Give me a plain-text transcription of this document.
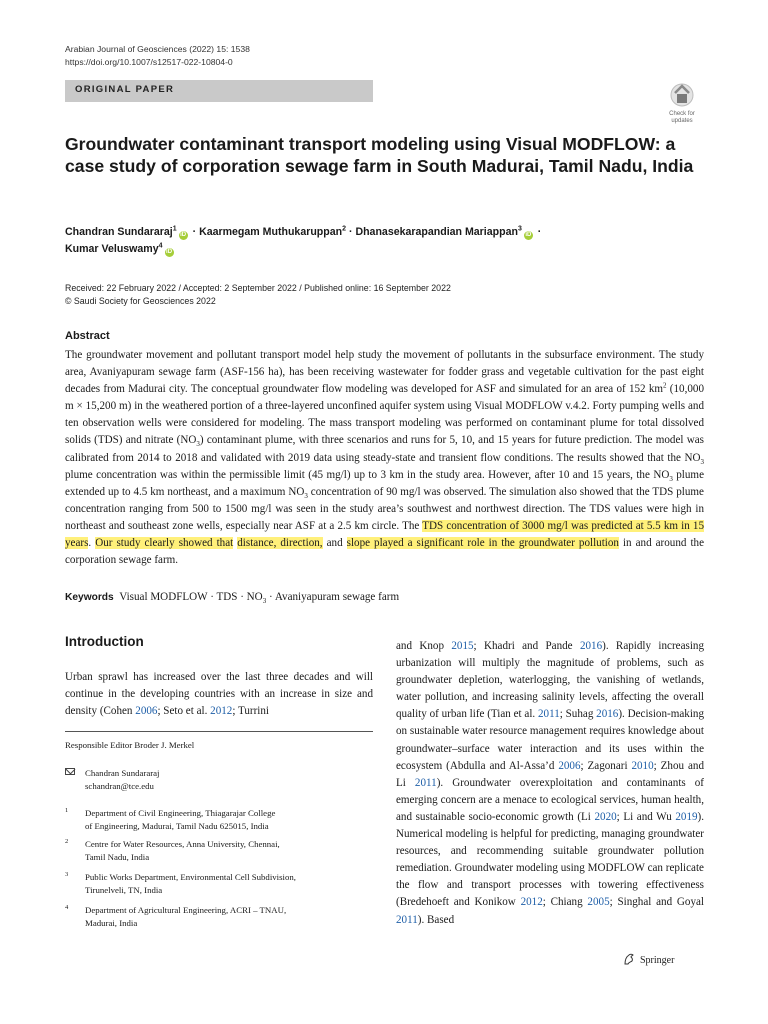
Arabian Journal of Geosciences (2022) 15: 1538
https://doi.org/10.1007/s12517-022-10804-0
ORIGINAL PAPER
Check for
updates
Groundwater contaminant transport modeling using Visual MODFLOW: a case study of corporation sewage farm in South Madurai, Tamil Nadu, India
Chandran Sundararaj$^1$
iD · Kaarmegam Muthukaruppan$^2$ · Dhanasekarapandian Mariappan$^3$
iD ·
Kumar Veluswamy$^4$
iD
Received: 22 February 2022 / Accepted: 2 September 2022 / Published online: 16 September 2022
© Saudi Society for Geosciences 2022
Abstract
The groundwater movement and pollutant transport model help study the movement of pollutants in the subsurface environment. The study area, Avaniyapuram sewage farm (ASF-156 ha), has been receiving wastewater for fodder grass and vegetable cultivation for the past eight decades from Madurai city. The conceptual groundwater flow modeling was developed for ASF and simulated for an area of 152 $km^2$ (10,000 m × 15,200 m) in the weathered portion of a three-layered unconfined aquifer system using Visual MODFLOW v.4.2. Forty pumping wells and ten observation wells were considered for modeling. The mass transport modeling was performed on contaminant plume for total dissolved solids (TDS) and nitrate $(NO_3)$ contaminant plume, with three scenarios and runs for 5, 10, and 15 years for future prediction. The model was calibrated from 2014 to 2018 and validated with 2019 data using steady-state and transient flow conditions. The results showed that the $NO_3$ plume concentration was within the permissible limit (45 mg/l) up to 3 km in the study area. However, after 10 and 15 years, the $NO_3$ plume extended up to 4.5 km northeast, and a maximum $NO_3$ concentration of 90 mg/l was observed. The simulation also showed that the TDS plume concentration ranging from 500 to 1500 mg/l was seen in the study area’s southwest and northwest direction. The TDS values were high in northeast and southeast zone wells, especially near ASF at a 2.5 km circle. The TDS concentration of 3000 mg/l was predicted at 5.5 km in 15 years. Our study clearly showed that distance, direction, and slope played a significant role in the groundwater pollution in and around the corporation sewage farm.
Keywords Visual MODFLOW · TDS · $NO_3$ · Avaniyapuram sewage farm
Introduction
Urban sprawl has increased over the last three decades and will continue in the developing countries with an increase in size and density (Cohen 2006; Seto et al. 2012; Turrini
and Knop 2015; Khadri and Pande 2016). Rapidly increasing urbanization will multiply the magnitude of problems, such as groundwater depletion, waterlogging, the vanishing of wetlands, water pollution, and increasing salinity levels, affecting the overall quality of urban life (Tian et al. 2011; Suhag 2016). Decision-making on sustainable water resource management requires knowledge about groundwater–surface water interaction and its uses within the ecosystem (Abdulla and Al-Assa’d 2006; Zagonari 2010; Zhou and Li 2011). Groundwater overexploitation and contaminants of emerging concern are a menace to ecological services, human health, and sustainable socio-economic growth (Li 2020; Li and Wu 2019). Numerical modeling is helpful for predicting, managing groundwater resources, and recommending suitable groundwater pollution remediation. Groundwater modeling using MODFLOW can replicate the flow and transport processes with towering effectiveness (Bredehoeft and Konikow 2012; Chiang 2005; Singhal and Goyal 2011). Based
Responsible Editor Broder J. Merkel
Chandran Sundararaj
schandran@tce.edu
1 Department of Civil Engineering, Thiagarajar College
of Engineering, Madurai, Tamil Nadu 625015, India
2 Centre for Water Resources, Anna University, Chennai,
Tamil Nadu, India
3 Public Works Department, Environmental Cell Subdivision,
Tirunelveli, TN, India
4 Department of Agricultural Engineering, ACRI – TNAU,
Madurai, India
Springer
